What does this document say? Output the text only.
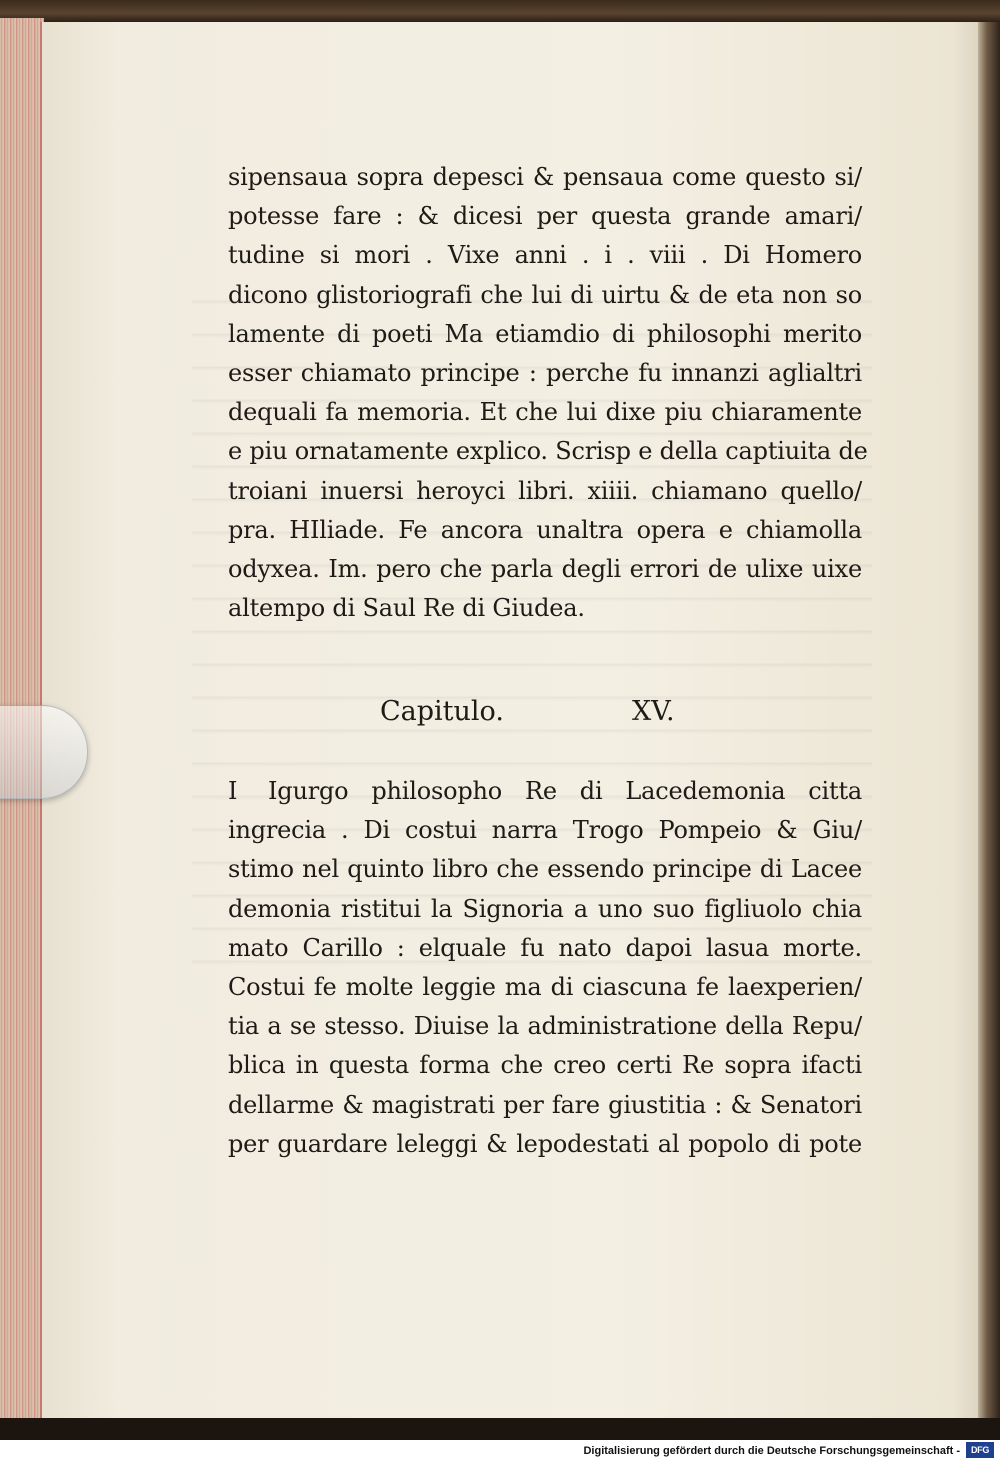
sipensaua sopra depesci & pensaua come questo si/
potesse fare : & dicesi per questa grande amari/
tudine si mori . Vixe anni . i . viii . Di Homero
dicono glistoriografi che lui di uirtu & de eta non so
lamente di poeti Ma etiamdio di philosophi merito
esser chiamato principe : perche fu innanzi aglialtri
dequali fa memoria. Et che lui dixe piu chiaramente
e piu ornatamente explico. Scrisp e della captiuita de
troiani inuersi heroyci libri. xiiii. chiamano quello/
pra. HIliade. Fe ancora unaltra opera e chiamolla
odyxea. Im. pero che parla degli errori de ulixe uixe
altempo di Saul Re di Giudea.
Capitulo.	XV.
I Igurgo philosopho Re di Lacedemonia citta
ingrecia . Di costui narra Trogo Pompeio & Giu/
stimo nel quinto libro che essendo principe di Lacee
demonia ristitui la Signoria a uno suo figliuolo chia
mato Carillo : elquale fu nato dapoi lasua morte.
Costui fe molte leggie ma di ciascuna fe laexperien/
tia a se stesso. Diuise la administratione della Repu/
blica in questa forma che creo certi Re sopra ifacti
dellarme & magistrati per fare giustitia : & Senatori
per guardare leleggi & lepodestati al popolo di pote
Digitalisierung gefördert durch die Deutsche Forschungsgemeinschaft -	DFG
